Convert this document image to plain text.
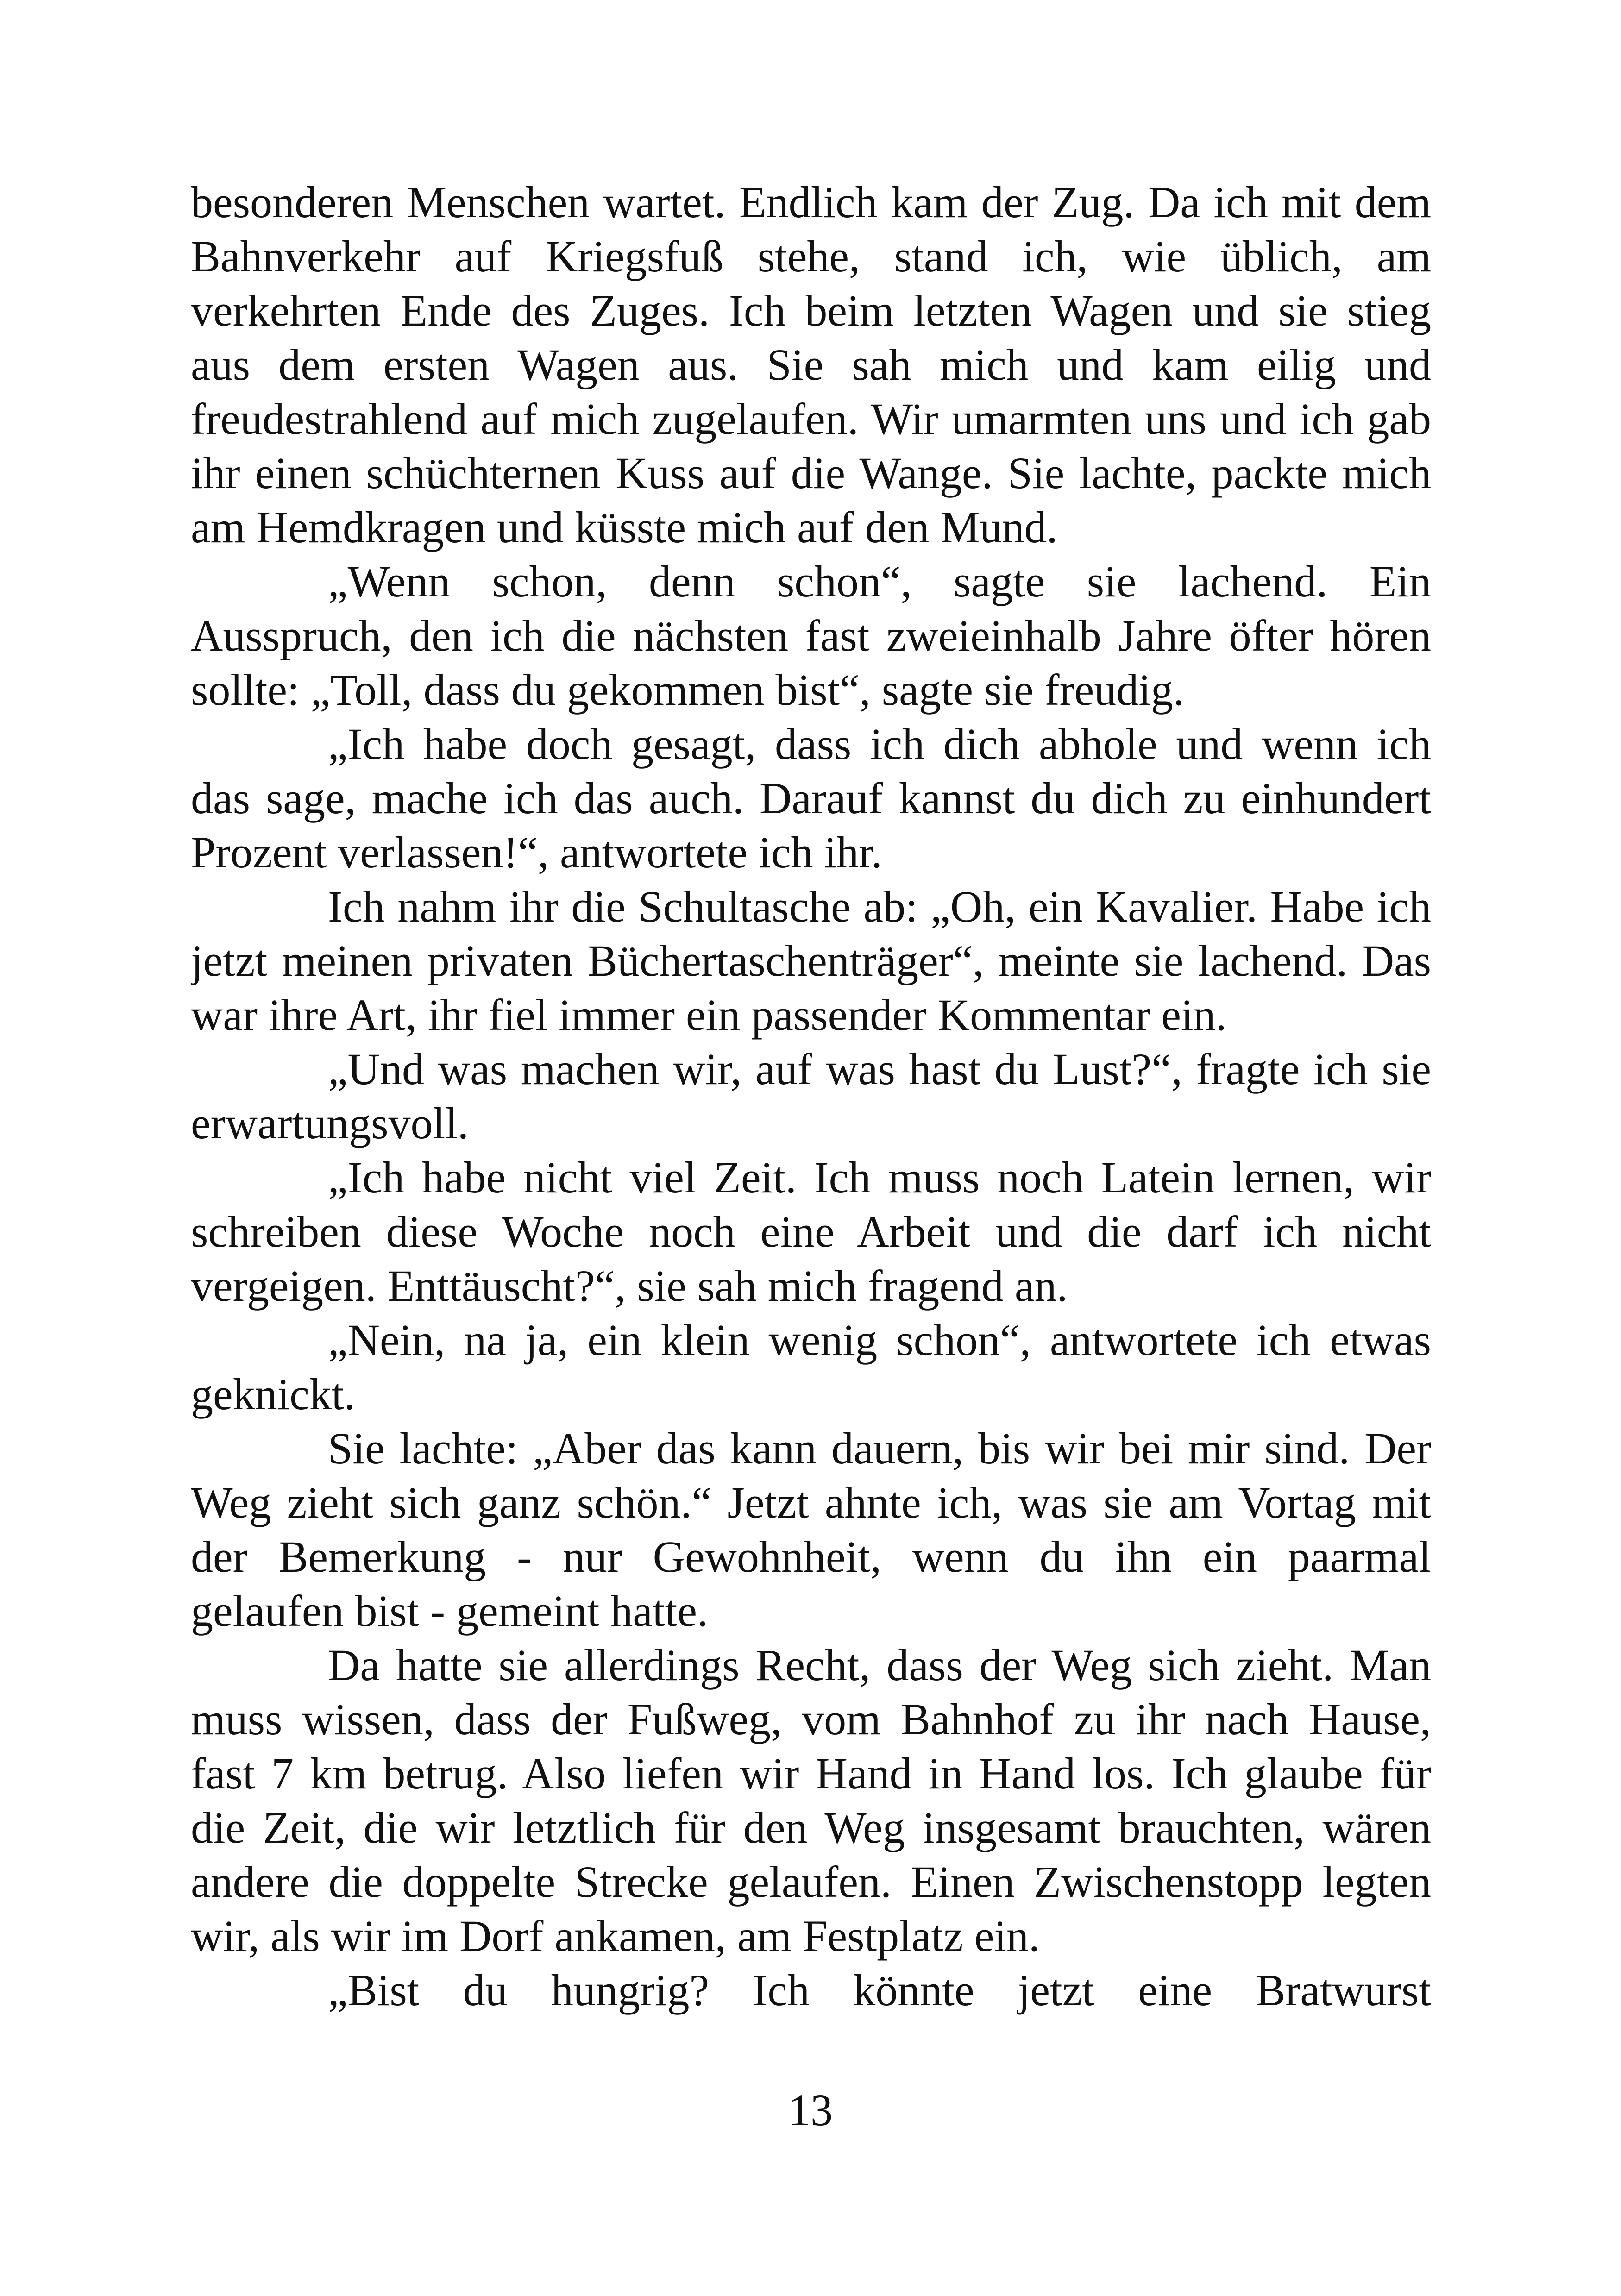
besonderen Menschen wartet. Endlich kam der Zug. Da ich mit dem
Bahnverkehr auf Kriegsfuß stehe, stand ich, wie üblich, am
verkehrten Ende des Zuges. Ich beim letzten Wagen und sie stieg
aus dem ersten Wagen aus. Sie sah mich und kam eilig und
freudestrahlend auf mich zugelaufen. Wir umarmten uns und ich gab
ihr einen schüchternen Kuss auf die Wange. Sie lachte, packte mich
am Hemdkragen und küsste mich auf den Mund.
„Wenn schon, denn schon“, sagte sie lachend. Ein
Ausspruch, den ich die nächsten fast zweieinhalb Jahre öfter hören
sollte: „Toll, dass du gekommen bist“, sagte sie freudig.
„Ich habe doch gesagt, dass ich dich abhole und wenn ich
das sage, mache ich das auch. Darauf kannst du dich zu einhundert
Prozent verlassen!“, antwortete ich ihr.
Ich nahm ihr die Schultasche ab: „Oh, ein Kavalier. Habe ich
jetzt meinen privaten Büchertaschenträger“, meinte sie lachend. Das
war ihre Art, ihr fiel immer ein passender Kommentar ein.
„Und was machen wir, auf was hast du Lust?“, fragte ich sie
erwartungsvoll.
„Ich habe nicht viel Zeit. Ich muss noch Latein lernen, wir
schreiben diese Woche noch eine Arbeit und die darf ich nicht
vergeigen. Enttäuscht?“, sie sah mich fragend an.
„Nein, na ja, ein klein wenig schon“, antwortete ich etwas
geknickt.
Sie lachte: „Aber das kann dauern, bis wir bei mir sind. Der
Weg zieht sich ganz schön.“ Jetzt ahnte ich, was sie am Vortag mit
der Bemerkung - nur Gewohnheit, wenn du ihn ein paarmal
gelaufen bist - gemeint hatte.
Da hatte sie allerdings Recht, dass der Weg sich zieht. Man
muss wissen, dass der Fußweg, vom Bahnhof zu ihr nach Hause,
fast 7 km betrug. Also liefen wir Hand in Hand los. Ich glaube für
die Zeit, die wir letztlich für den Weg insgesamt brauchten, wären
andere die doppelte Strecke gelaufen. Einen Zwischenstopp legten
wir, als wir im Dorf ankamen, am Festplatz ein.
„Bist du hungrig? Ich könnte jetzt eine Bratwurst
13
